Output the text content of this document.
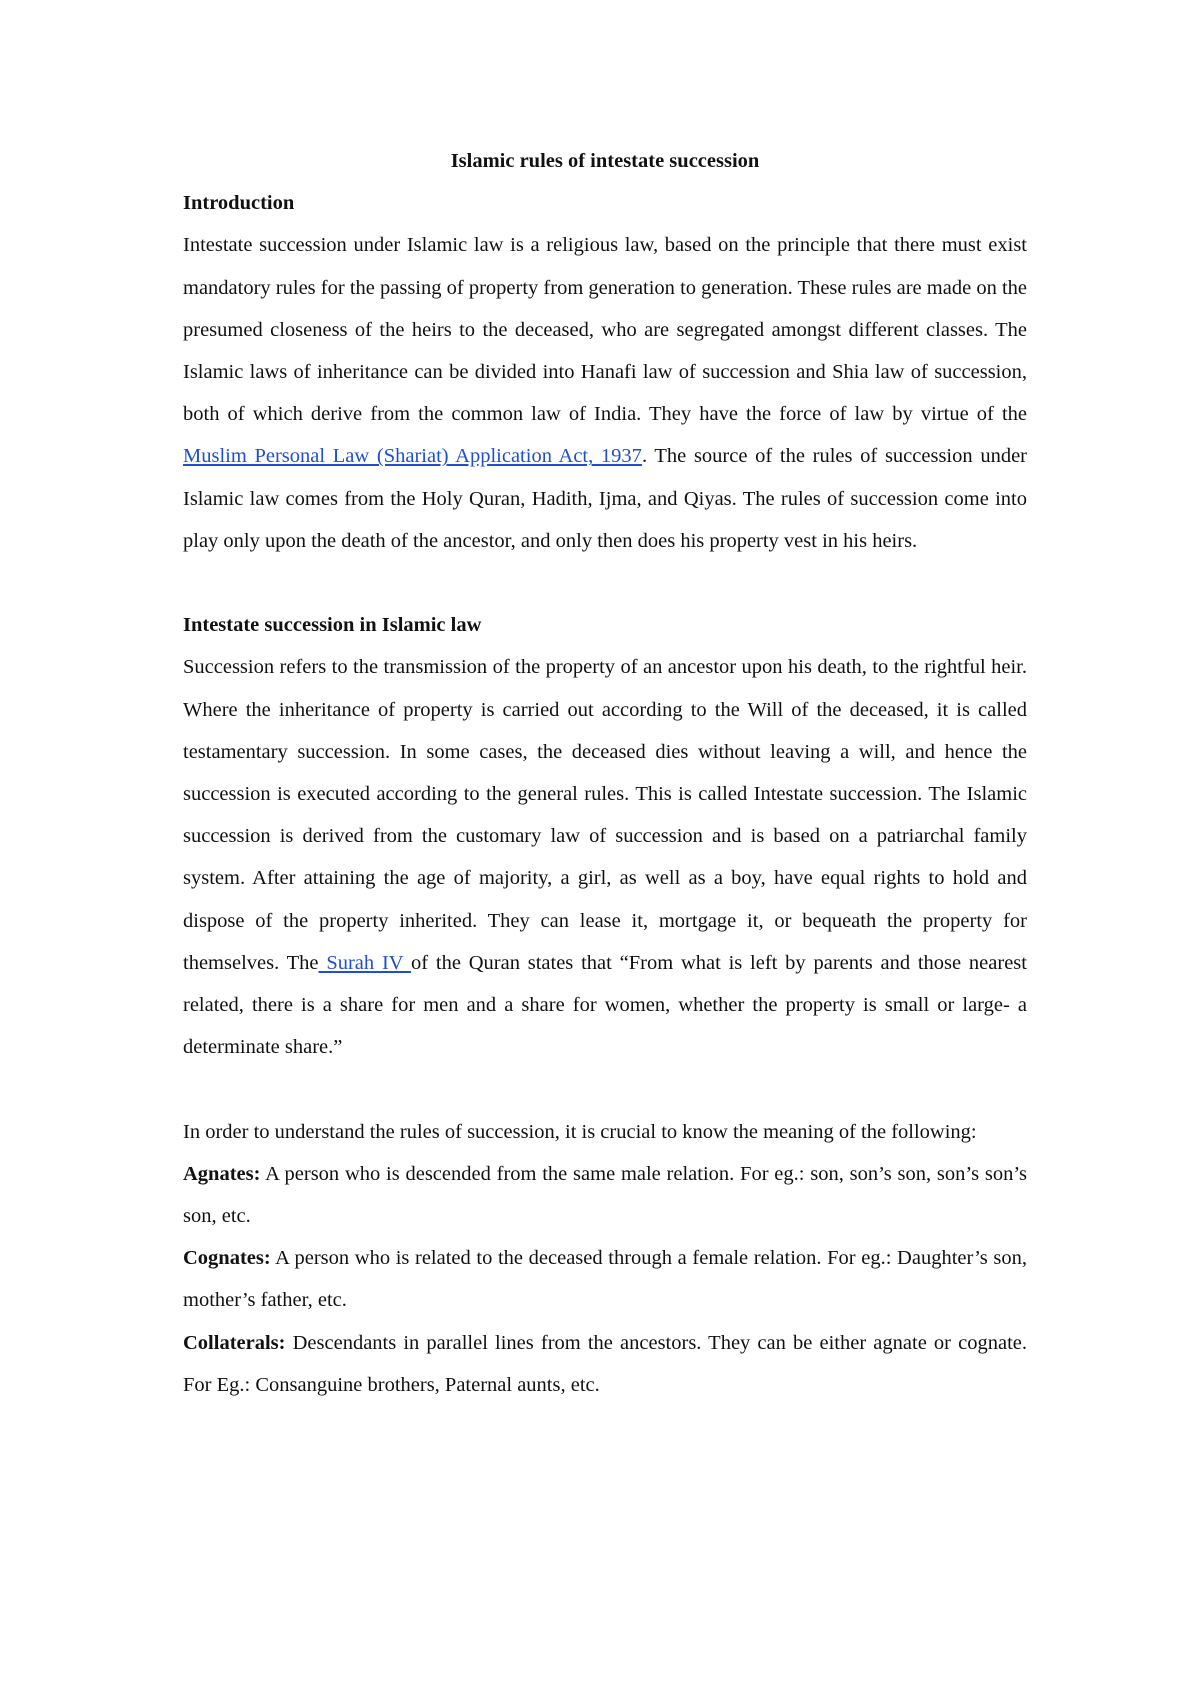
Islamic rules of intestate succession

Introduction

Intestate succession under Islamic law is a religious law, based on the principle that there must exist mandatory rules for the passing of property from generation to generation. These rules are made on the presumed closeness of the heirs to the deceased, who are segregated amongst different classes. The Islamic laws of inheritance can be divided into Hanafi law of succession and Shia law of succession, both of which derive from the common law of India. They have the force of law by virtue of the Muslim Personal Law (Shariat) Application Act, 1937. The source of the rules of succession under Islamic law comes from the Holy Quran, Hadith, Ijma, and Qiyas. The rules of succession come into play only upon the death of the ancestor, and only then does his property vest in his heirs.

Intestate succession in Islamic law

Succession refers to the transmission of the property of an ancestor upon his death, to the rightful heir. Where the inheritance of property is carried out according to the Will of the deceased, it is called testamentary succession. In some cases, the deceased dies without leaving a will, and hence the succession is executed according to the general rules. This is called Intestate succession. The Islamic succession is derived from the customary law of succession and is based on a patriarchal family system. After attaining the age of majority, a girl, as well as a boy, have equal rights to hold and dispose of the property inherited. They can lease it, mortgage it, or bequeath the property for themselves. The Surah IV of the Quran states that “From what is left by parents and those nearest related, there is a share for men and a share for women, whether the property is small or large- a determinate share.”

In order to understand the rules of succession, it is crucial to know the meaning of the following:

Agnates: A person who is descended from the same male relation. For eg.: son, son’s son, son’s son’s son, etc.

Cognates: A person who is related to the deceased through a female relation. For eg.: Daughter’s son, mother’s father, etc.

Collaterals: Descendants in parallel lines from the ancestors. They can be either agnate or cognate. For Eg.: Consanguine brothers, Paternal aunts, etc.
